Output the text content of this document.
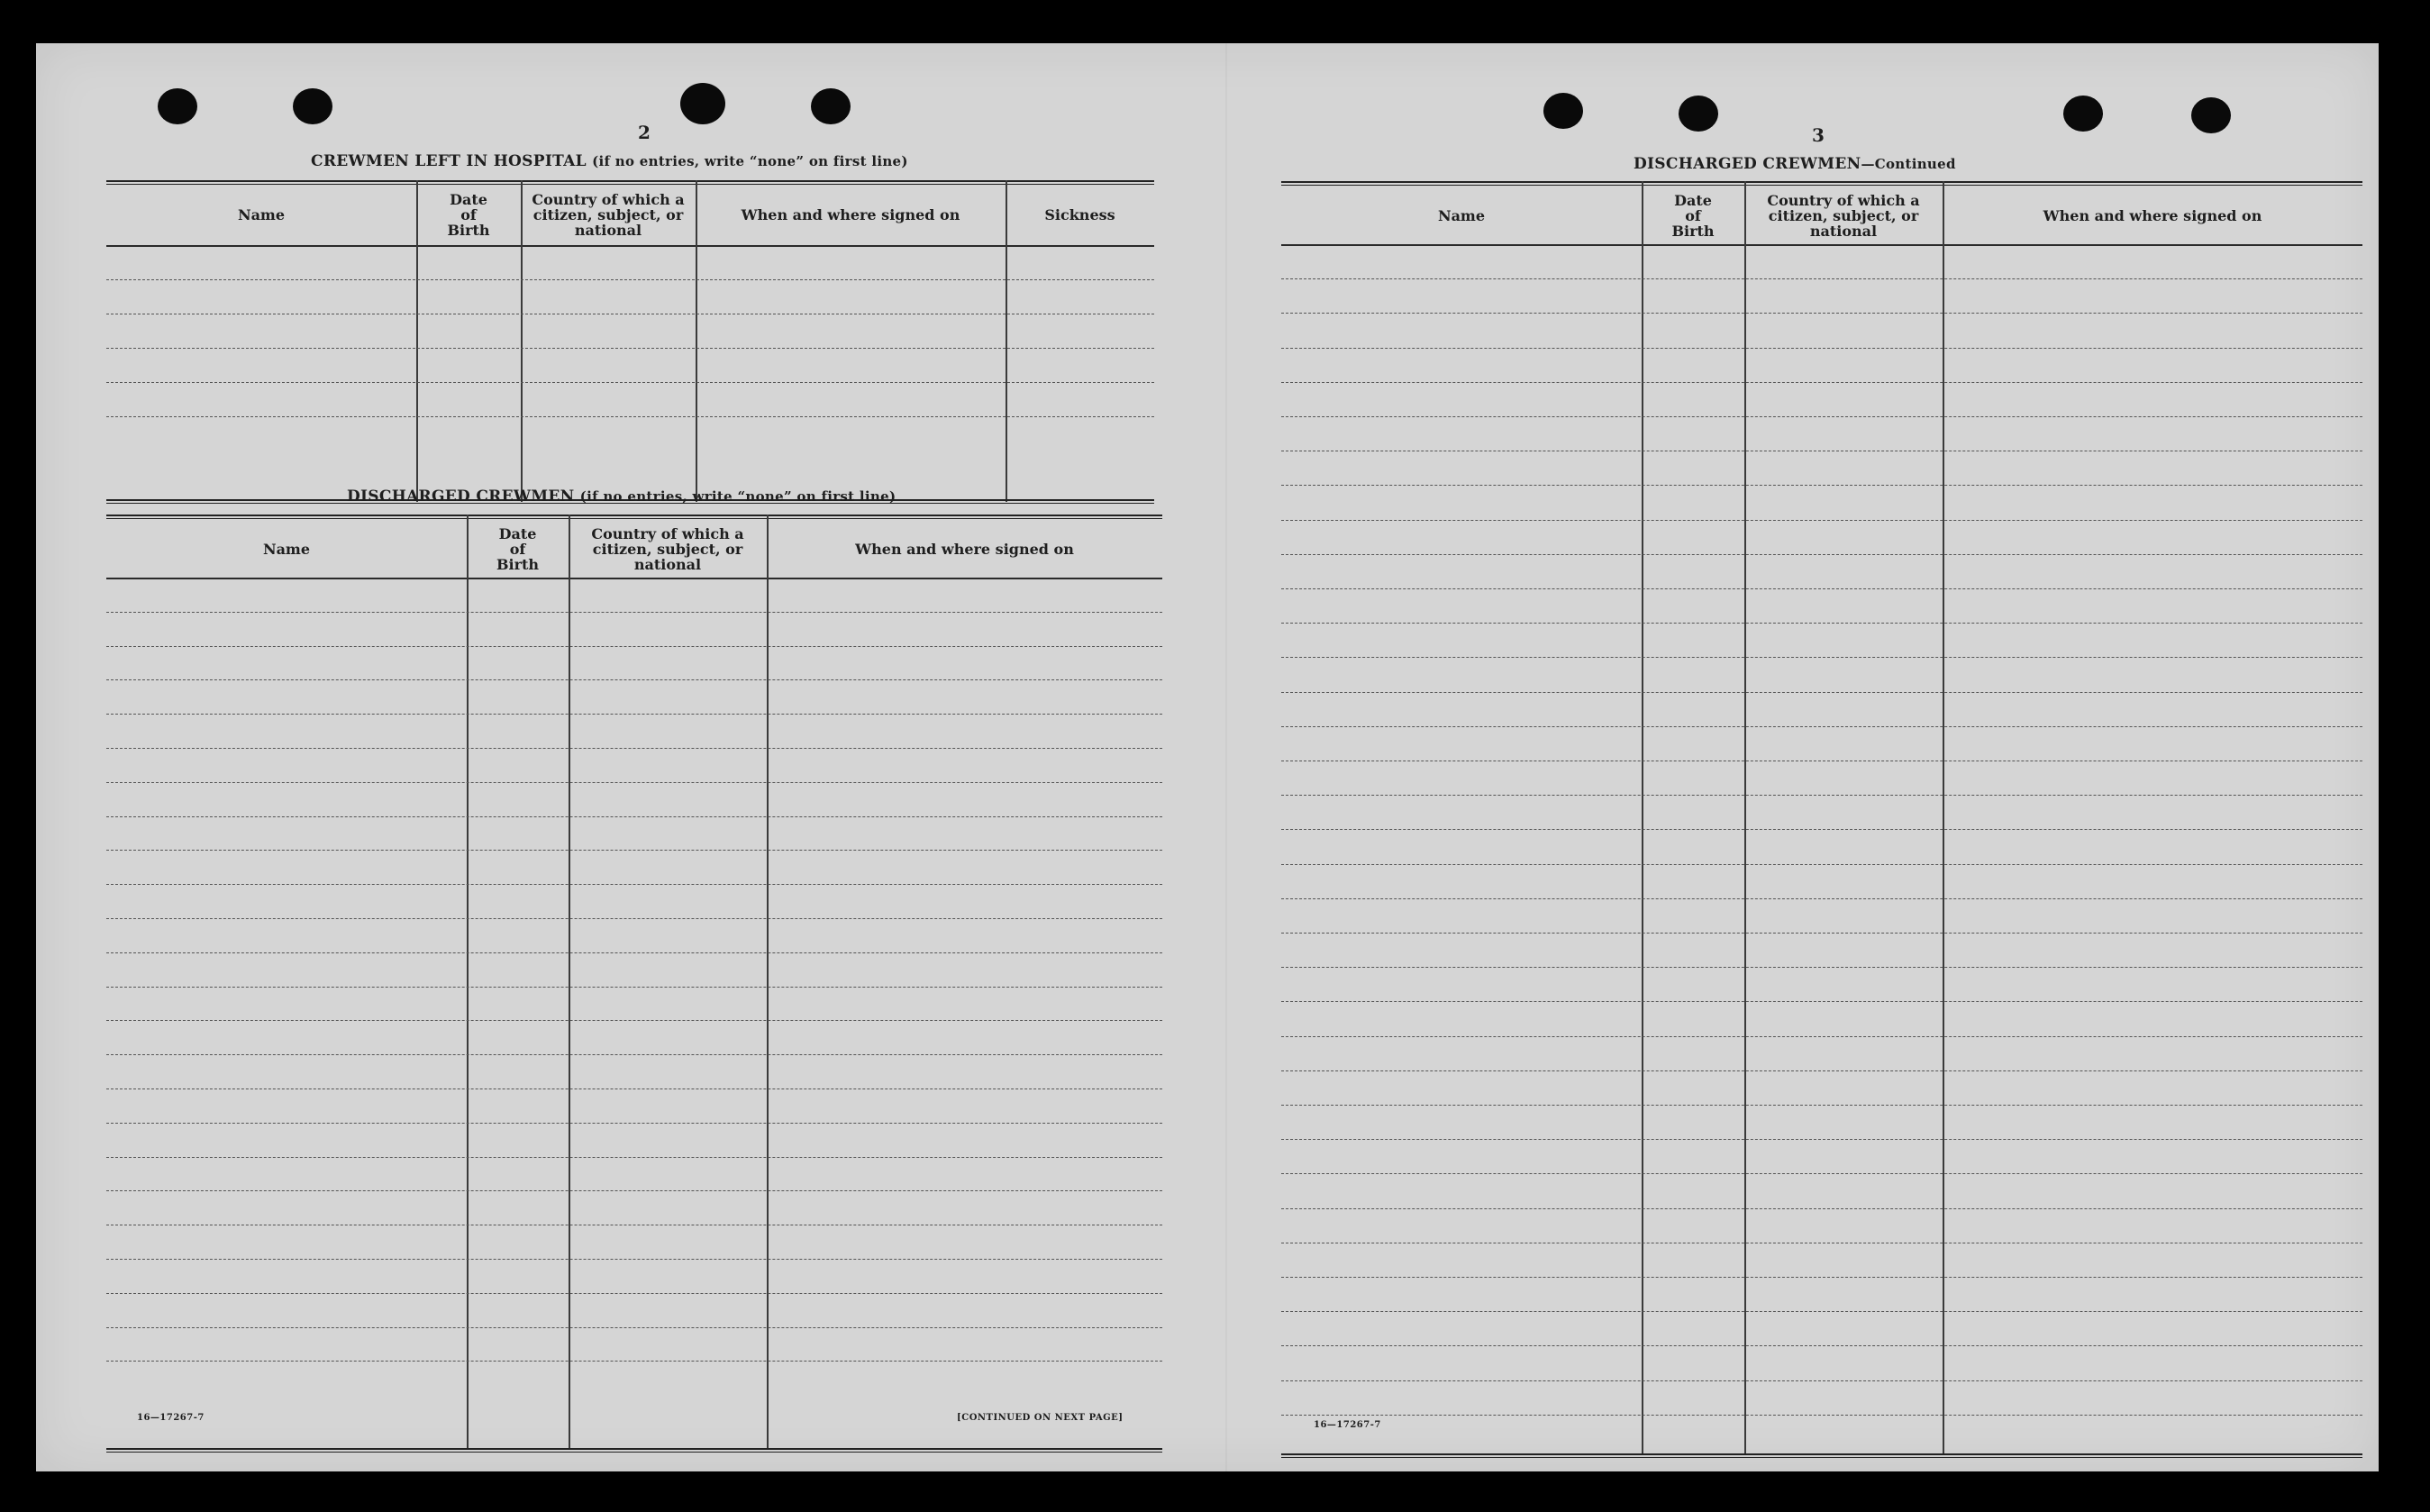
2
CREWMEN LEFT IN HOSPITAL (if no entries, write “none” on first line)
Name
Date
of
Birth
Country of which a
citizen, subject, or
national
When and where signed on	Sickness
DISCHARGED CREWMEN (if no entries, write “none” on first line)
Name
Date
of
Birth
Country of which a
citizen, subject, or
national
When and where signed on
16—17267-7	[CONTINUED ON NEXT PAGE]
3
DISCHARGED CREWMEN—Continued
Name
Date
of
Birth
Country of which a
citizen, subject, or
national
When and where signed on
16—17267-7
